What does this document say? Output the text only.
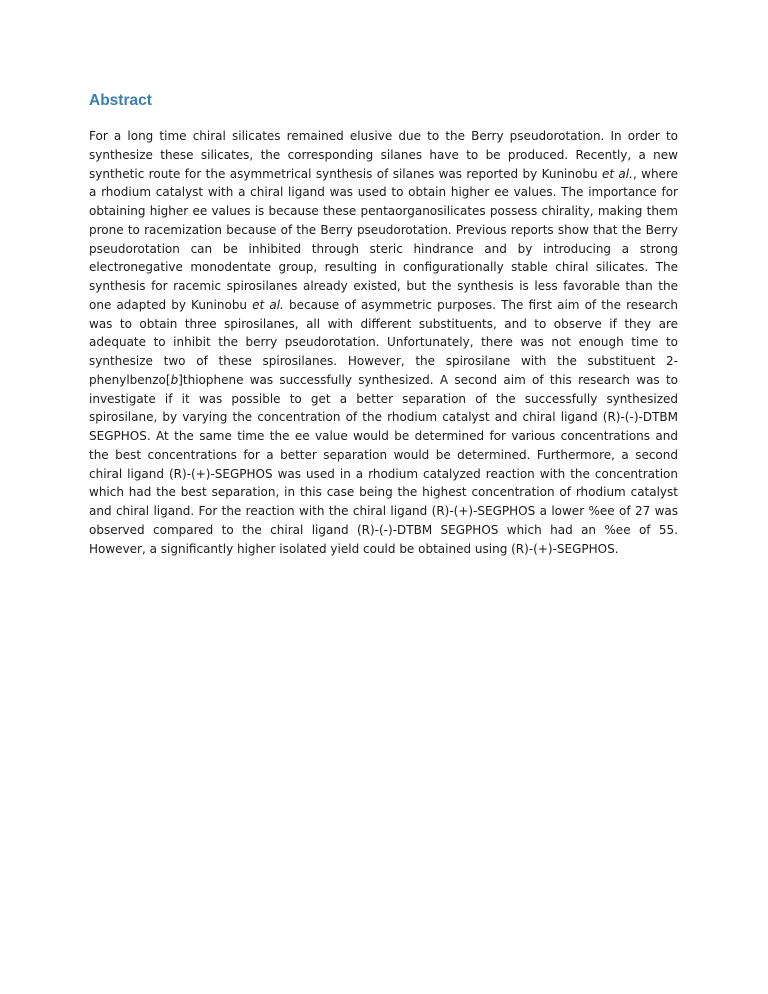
Abstract

For a long time chiral silicates remained elusive due to the Berry pseudorotation. In order to synthesize these silicates, the corresponding silanes have to be produced. Recently, a new synthetic route for the asymmetrical synthesis of silanes was reported by Kuninobu et al., where a rhodium catalyst with a chiral ligand was used to obtain higher ee values. The importance for obtaining higher ee values is because these pentaorganosilicates possess chirality, making them prone to racemization because of the Berry pseudorotation. Previous reports show that the Berry pseudorotation can be inhibited through steric hindrance and by introducing a strong electronegative monodentate group, resulting in configurationally stable chiral silicates. The synthesis for racemic spirosilanes already existed, but the synthesis is less favorable than the one adapted by Kuninobu et al. because of asymmetric purposes. The first aim of the research was to obtain three spirosilanes, all with different substituents, and to observe if they are adequate to inhibit the berry pseudorotation. Unfortunately, there was not enough time to synthesize two of these spirosilanes. However, the spirosilane with the substituent 2-phenylbenzo[b]thiophene was successfully synthesized. A second aim of this research was to investigate if it was possible to get a better separation of the successfully synthesized spirosilane, by varying the concentration of the rhodium catalyst and chiral ligand (R)-(-)-DTBM SEGPHOS. At the same time the ee value would be determined for various concentrations and the best concentrations for a better separation would be determined. Furthermore, a second chiral ligand (R)-(+)-SEGPHOS was used in a rhodium catalyzed reaction with the concentration which had the best separation, in this case being the highest concentration of rhodium catalyst and chiral ligand. For the reaction with the chiral ligand (R)-(+)-SEGPHOS a lower %ee of 27 was observed compared to the chiral ligand (R)-(-)-DTBM SEGPHOS which had an %ee of 55. However, a significantly higher isolated yield could be obtained using (R)-(+)-SEGPHOS.
